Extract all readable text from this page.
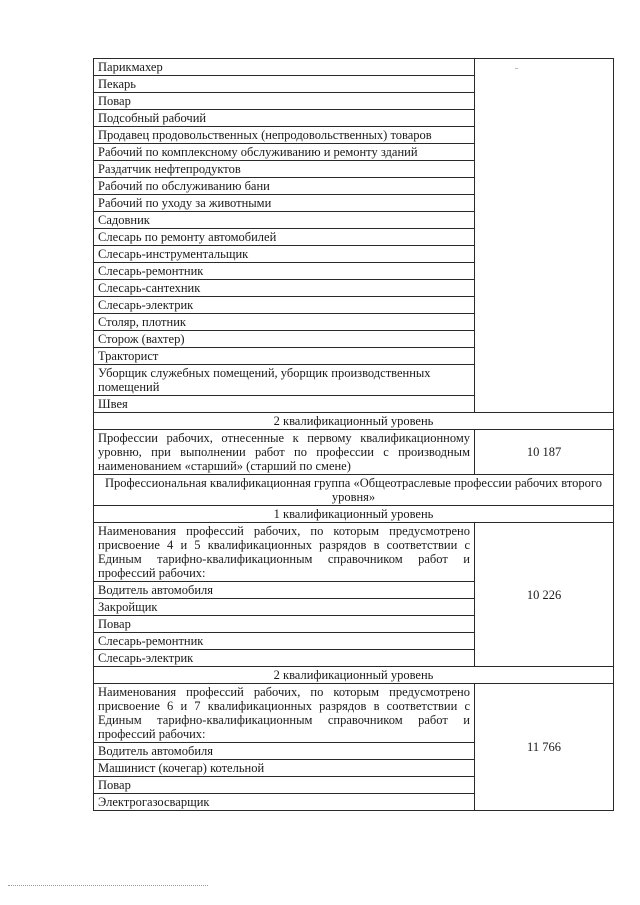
Парикмахер	
Пекарь	
Повар	
Подсобный рабочий	
Продавец продовольственных (непродовольственных) товаров	
Рабочий по комплексному обслуживанию и ремонту зданий	
Раздатчик нефтепродуктов	
Рабочий по обслуживанию бани	
Рабочий по уходу за животными	
Садовник	
Слесарь по ремонту автомобилей	
Слесарь-инструментальщик	
Слесарь-ремонтник	
Слесарь-сантехник	
Слесарь-электрик	
Столяр, плотник	
Сторож (вахтер)	
Тракторист	
Уборщик служебных помещений, уборщик производственных помещений	
Швея	
2 квалификационный уровень	
Профессии рабочих, отнесенные к первому квалификационному уровню, при выполнении работ по профессии с производным наименованием «старший» (старший по смене)	10 187
Профессиональная квалификационная группа «Общеотраслевые профессии рабочих второго уровня»	
1 квалификационный уровень	
Наименования профессий рабочих, по которым предусмотрено присвоение 4 и 5 квалификационных разрядов в соответствии с Единым тарифно-квалификационным справочником работ и профессий рабочих:	10 226
Водитель автомобиля	
Закройщик	
Повар	
Слесарь-ремонтник	
Слесарь-электрик	
2 квалификационный уровень	
Наименования профессий рабочих, по которым предусмотрено присвоение 6 и 7 квалификационных разрядов в соответствии с Единым тарифно-квалификационным справочником работ и профессий рабочих:	11 766
Водитель автомобиля	
Машинист (кочегар) котельной	
Повар	
Электрогазосварщик	
